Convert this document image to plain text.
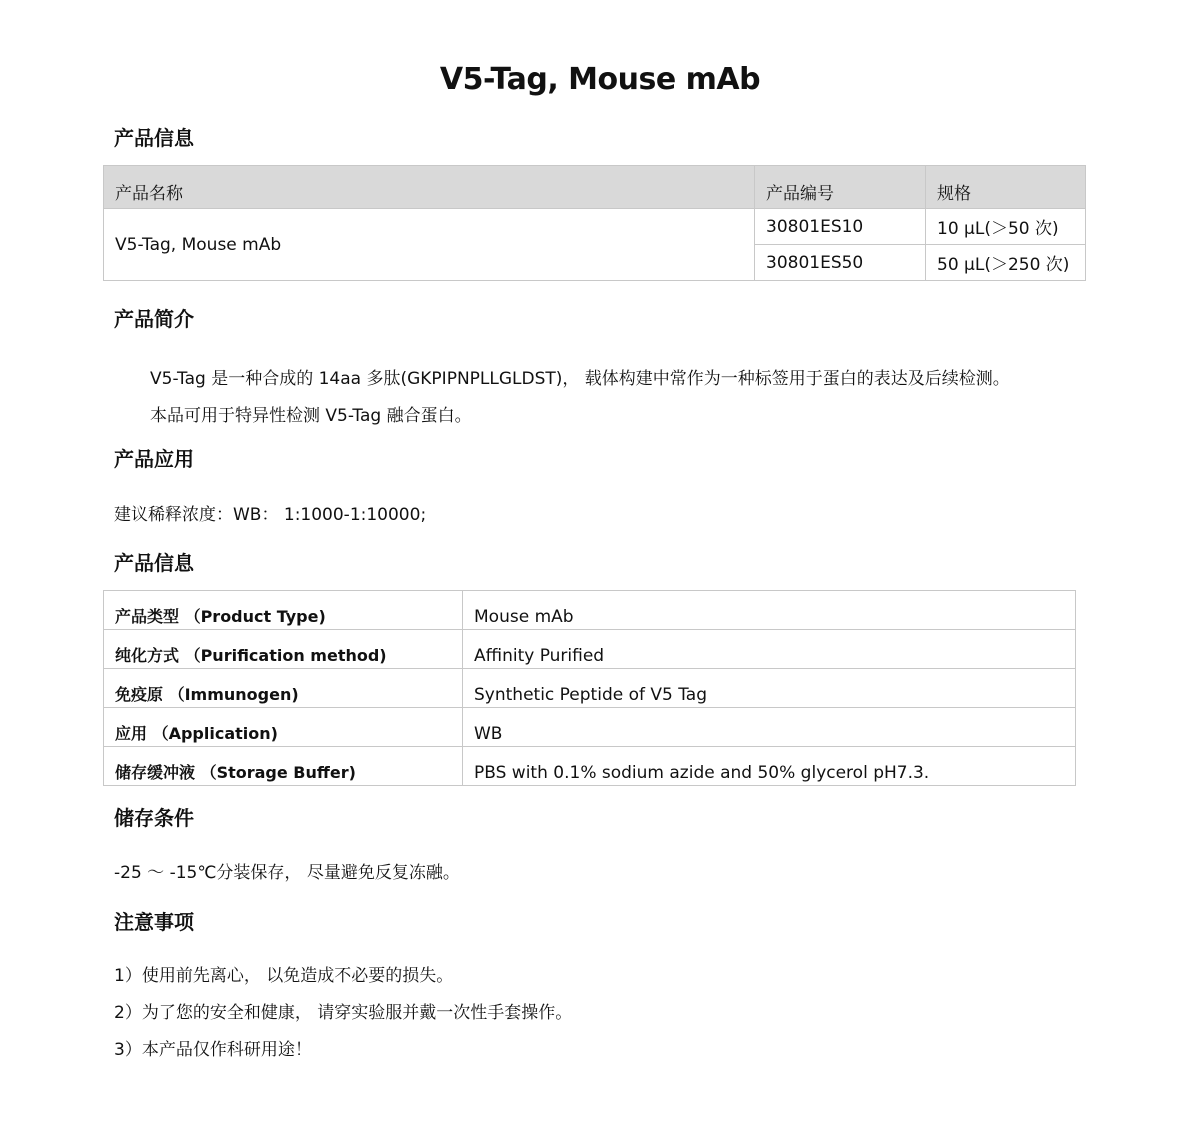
V5-Tag, Mouse mAb
产品信息
产品名称	产品编号	规格
V5-Tag, Mouse mAb	30801ES10	10 μL(＞50 次)
	30801ES50	50 μL(＞250 次)
产品简介
V5-Tag 是一种合成的 14aa 多肽(GKPIPNPLLGLDST)， 载体构建中常作为一种标签用于蛋白的表达及后续检测。
本品可用于特异性检测 V5-Tag 融合蛋白。
产品应用
建议稀释浓度：WB： 1:1000-1:10000;
产品信息
产品类型 （Product Type)	Mouse mAb
纯化方式 （Purification method)	Affinity Purified
免疫原 （Immunogen)	Synthetic Peptide of V5 Tag
应用 （Application)	WB
储存缓冲液 （Storage Buffer)	PBS with 0.1% sodium azide and 50% glycerol pH7.3.
储存条件
-25 ～ -15℃分装保存， 尽量避免反复冻融。
注意事项
1）使用前先离心， 以免造成不必要的损失。
2）为了您的安全和健康， 请穿实验服并戴一次性手套操作。
3）本产品仅作科研用途！
